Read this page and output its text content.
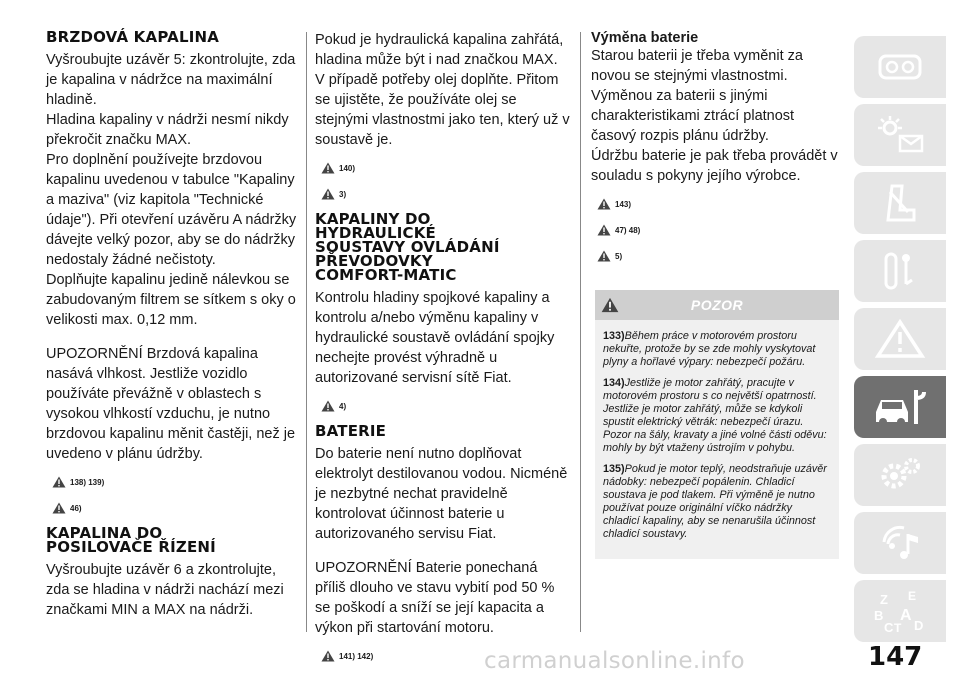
BRZDOVÁ KAPALINA

Vyšroubujte uzávěr 5: zkontrolujte, zda je kapalina v nádržce na maximální hladině.

Hladina kapaliny v nádrži nesmí nikdy překročit značku MAX.

Pro doplnění používejte brzdovou kapalinu uvedenou v tabulce "Kapaliny a maziva" (viz kapitola "Technické údaje"). Při otevření uzávěru A nádržky dávejte velký pozor, aby se do nádržky nedostaly žádné nečistoty.

Doplňujte kapalinu jedině nálevkou se zabudovaným filtrem se sítkem s oky o velikosti max. 0,12 mm.

UPOZORNĚNÍ Brzdová kapalina nasává vlhkost. Jestliže vozidlo používáte převážně v oblastech s vysokou vlhkostí vzduchu, je nutno brzdovou kapalinu měnit častěji, než je uvedeno v plánu údržby.

138) 139)
46)
KAPALINA DO POSILOVAČE ŘÍZENÍ

Vyšroubujte uzávěr 6 a zkontrolujte, zda se hladina v nádrži nachází mezi značkami MIN a MAX na nádrži.

Pokud je hydraulická kapalina zahřátá, hladina může být i nad značkou MAX. V případě potřeby olej doplňte. Přitom se ujistěte, že používáte olej se stejnými vlastnostmi jako ten, který už v soustavě je.

140)
3)
KAPALINY DO HYDRAULICKÉ SOUSTAVY OVLÁDÁNÍ PŘEVODOVKY COMFORT-MATIC

Kontrolu hladiny spojkové kapaliny a kontrolu a/nebo výměnu kapaliny v hydraulické soustavě ovládání spojky nechejte provést výhradně u autorizované servisní sítě Fiat.

4)
BATERIE

Do baterie není nutno doplňovat elektrolyt destilovanou vodou. Nicméně je nezbytné nechat pravidelně kontrolovat účinnost baterie u autorizovaného servisu Fiat.

UPOZORNĚNÍ Baterie ponechaná příliš dlouho ve stavu vybití pod 50 % se poškodí a sníží se její kapacita a výkon při startování motoru.

141) 142)
Výměna baterie

Starou baterii je třeba vyměnit za novou se stejnými vlastnostmi.

Výměnou za baterii s jinými charakteristikami ztrácí platnost časový rozpis plánu údržby.

Údržbu baterie je pak třeba provádět v souladu s pokyny jejího výrobce.

143)
47) 48)
5)
POZOR

133)Během práce v motorovém prostoru nekuřte, protože by se zde mohly vyskytovat plyny a hořlavé výpary: nebezpečí požáru.

134)Jestliže je motor zahřátý, pracujte v motorovém prostoru s co největší opatrností. Jestliže je motor zahřátý, může se kdykoli spustit elektrický větrák: nebezpečí úrazu. Pozor na šály, kravaty a jiné volné části oděvu: mohly by být vtaženy ústrojím v pohybu.

135)Pokud je motor teplý, neodstraňuje uzávěr nádobky: nebezpečí popálenin. Chladicí soustava je pod tlakem. Při výměně je nutno používat pouze originální víčko nádržky chladicí kapaliny, aby se nenarušila účinnost chladicí soustavy.

Z E
B A
C T D
carmanualsonline.info	147
